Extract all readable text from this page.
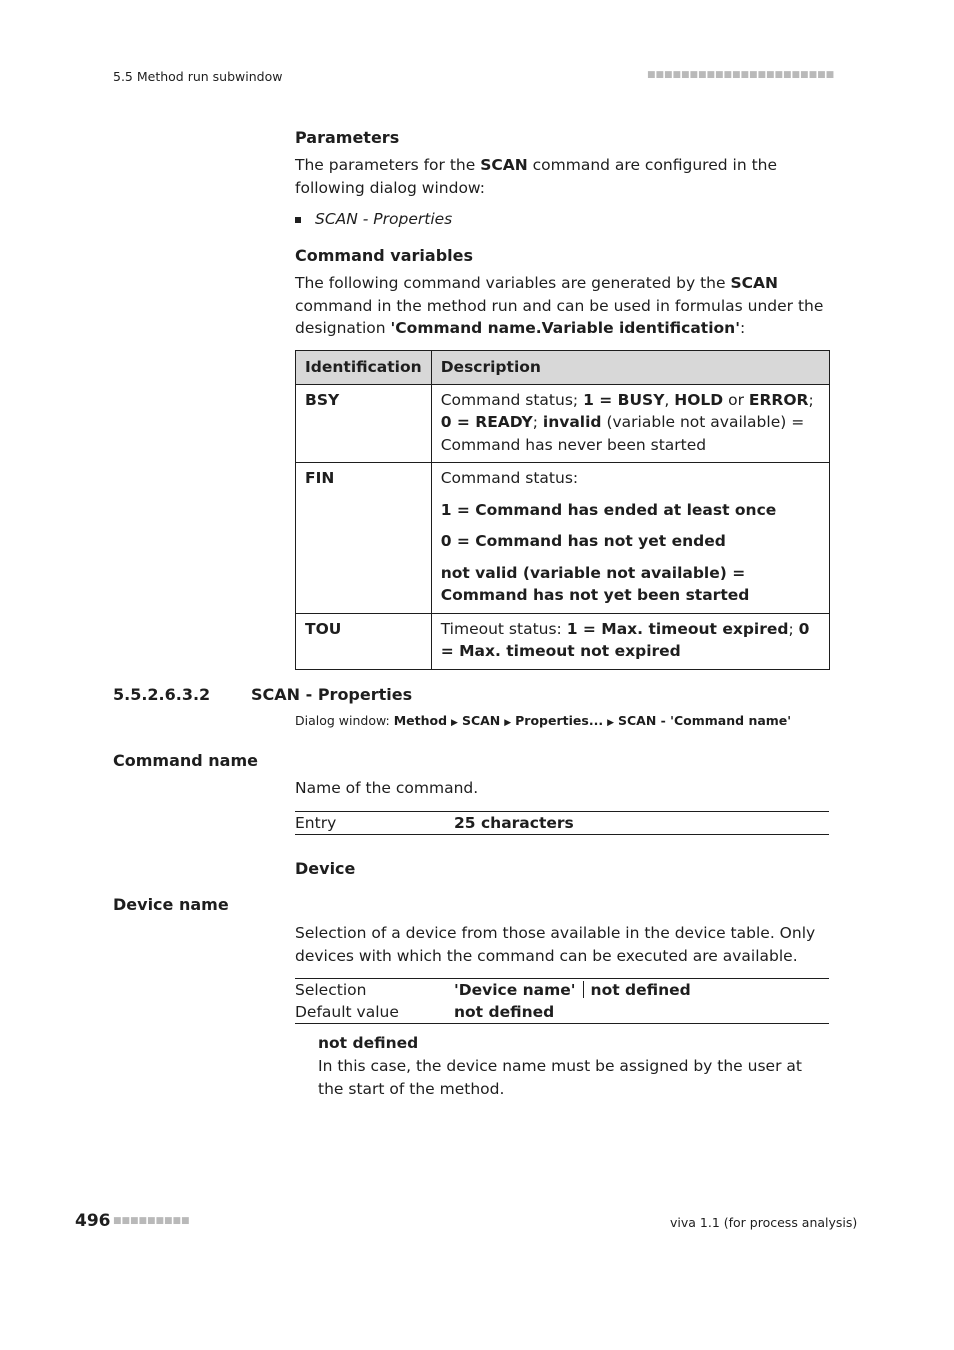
5.5 Method run subwindow	■■■■■■■■■■■■■■■■■■■■■■
Parameters
The parameters for the SCAN command are configured in the following dialog window:
SCAN - Properties
Command variables
The following command variables are generated by the SCAN command in the method run and can be used in formulas under the designation 'Command name.Variable identification':
Identification	Description
BSY	Command status; 1 = BUSY, HOLD or ERROR; 0 = READY; invalid (variable not available) = Command has never been started
FIN	Command status:

1 = Command has ended at least once

0 = Command has not yet ended

not valid (variable not available) = Command has not yet been started

TOU	Timeout status: 1 = Max. timeout expired; 0 = Max. timeout not expired
5.5.2.6.3.2	SCAN - Properties
Dialog window: Method ▶ SCAN ▶ Properties... ▶ SCAN - 'Command name'
Command name
Name of the command.
Entry	25 characters
Device
Device name
Selection of a device from those available in the device table. Only devices with which the command can be executed are available.
Selection	'Device name' not defined
Default value	not defined
not defined
In this case, the device name must be assigned by the user at the start of the method.
496 ■■■■■■■■■	viva 1.1 (for process analysis)
